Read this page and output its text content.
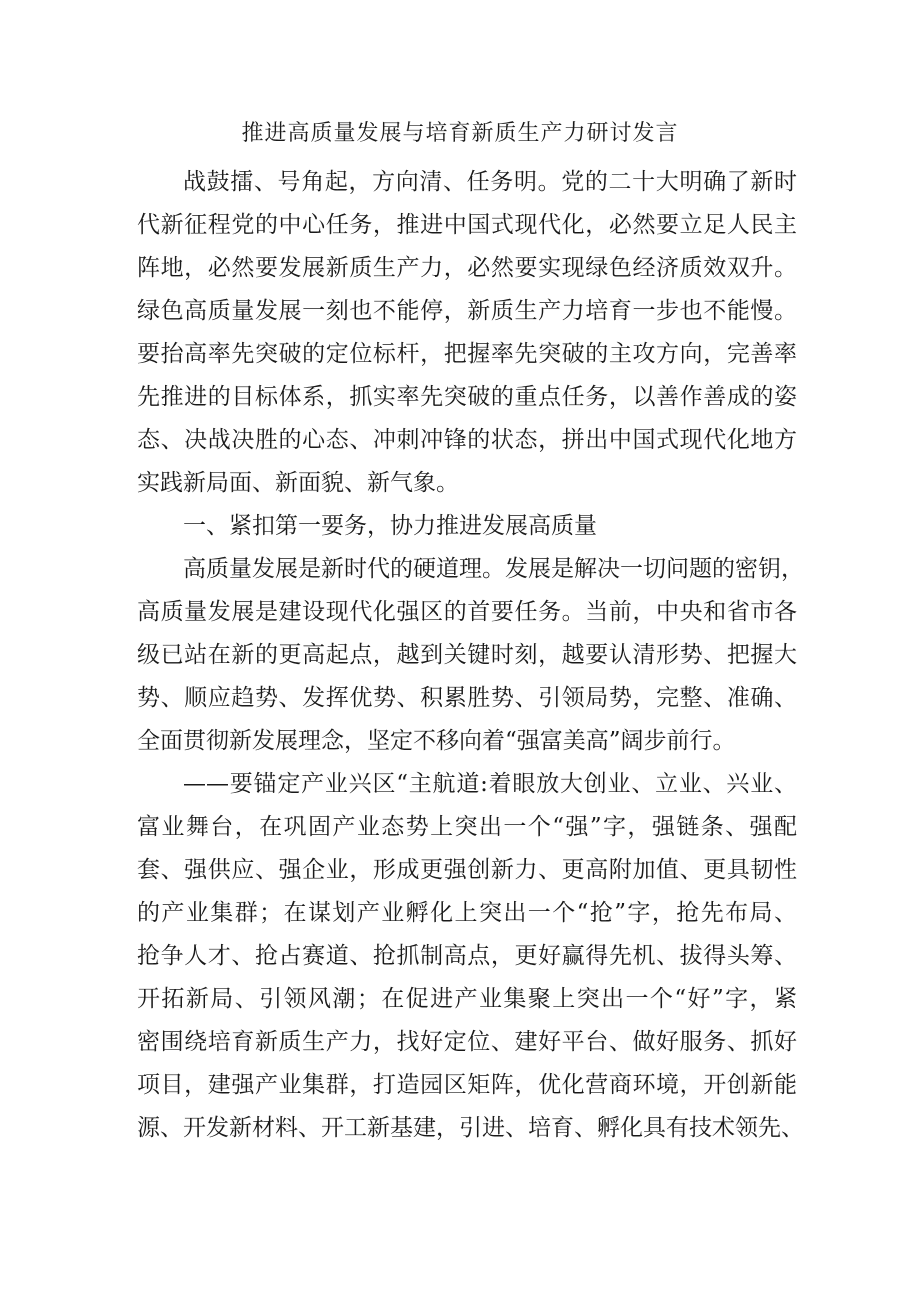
推进高质量发展与培育新质生产力研讨发言

战鼓擂、号角起，方向清、任务明。党的二十大明确了新时

代新征程党的中心任务，推进中国式现代化，必然要立足人民主

阵地，必然要发展新质生产力，必然要实现绿色经济质效双升。

绿色高质量发展一刻也不能停，新质生产力培育一步也不能慢。

要抬高率先突破的定位标杆，把握率先突破的主攻方向，完善率

先推进的目标体系，抓实率先突破的重点任务，以善作善成的姿

态、决战决胜的心态、冲刺冲锋的状态，拼出中国式现代化地方

实践新局面、新面貌、新气象。

一、紧扣第一要务，协力推进发展高质量

高质量发展是新时代的硬道理。发展是解决一切问题的密钥，

高质量发展是建设现代化强区的首要任务。当前，中央和省市各

级已站在新的更高起点，越到关键时刻，越要认清形势、把握大

势、顺应趋势、发挥优势、积累胜势、引领局势，完整、准确、

全面贯彻新发展理念，坚定不移向着“强富美高”阔步前行。

——要锚定产业兴区“主航道:着眼放大创业、立业、兴业、

富业舞台，在巩固产业态势上突出一个“强”字，强链条、强配

套、强供应、强企业，形成更强创新力、更高附加值、更具韧性

的产业集群；在谋划产业孵化上突出一个“抢”字，抢先布局、

抢争人才、抢占赛道、抢抓制高点，更好赢得先机、拔得头筹、

开拓新局、引领风潮；在促进产业集聚上突出一个“好”字，紧

密围绕培育新质生产力，找好定位、建好平台、做好服务、抓好

项目，建强产业集群，打造园区矩阵，优化营商环境，开创新能

源、开发新材料、开工新基建，引进、培育、孵化具有技术领先、
